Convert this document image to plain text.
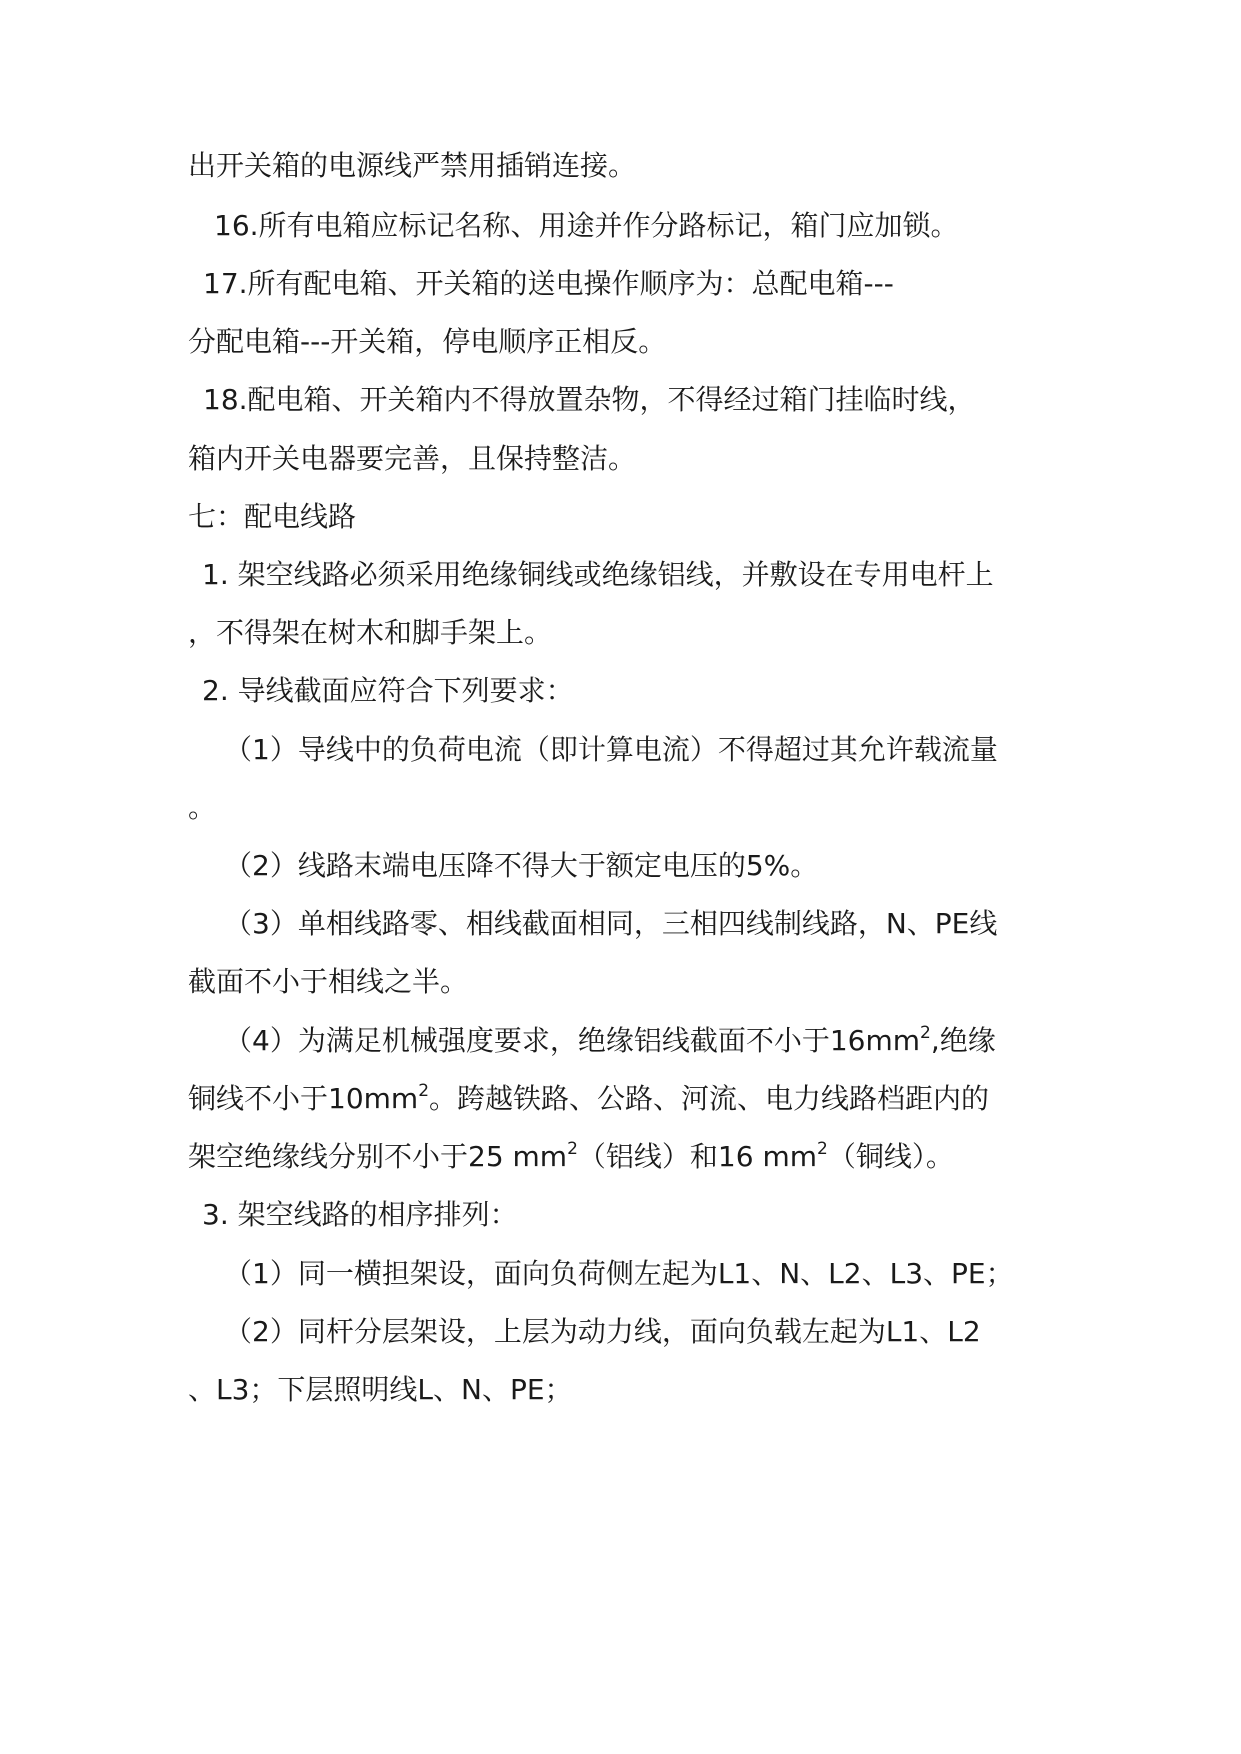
出开关箱的电源线严禁用插销连接。
16.所有电箱应标记名称、用途并作分路标记，箱门应加锁。
17.所有配电箱、开关箱的送电操作顺序为：总配电箱---
分配电箱---开关箱，停电顺序正相反。
18.配电箱、开关箱内不得放置杂物，不得经过箱门挂临时线，
箱内开关电器要完善，且保持整洁。
七：配电线路
1. 架空线路必须采用绝缘铜线或绝缘铝线，并敷设在专用电杆上
，不得架在树木和脚手架上。
2. 导线截面应符合下列要求：
（1）导线中的负荷电流（即计算电流）不得超过其允许载流量
。
（2）线路末端电压降不得大于额定电压的5%。
（3）单相线路零、相线截面相同，三相四线制线路，N、PE线
截面不小于相线之半。
（4）为满足机械强度要求，绝缘铝线截面不小于$16mm^2$,绝缘
铜线不小于$10mm^2$。跨越铁路、公路、河流、电力线路档距内的
架空绝缘线分别不小于25 $mm^2$（铝线）和16 $mm^2$（铜线）。
3. 架空线路的相序排列：
（1）同一横担架设，面向负荷侧左起为L1、N、L2、L3、PE；
（2）同杆分层架设，上层为动力线，面向负载左起为L1、L2
、L3；下层照明线L、N、PE；
